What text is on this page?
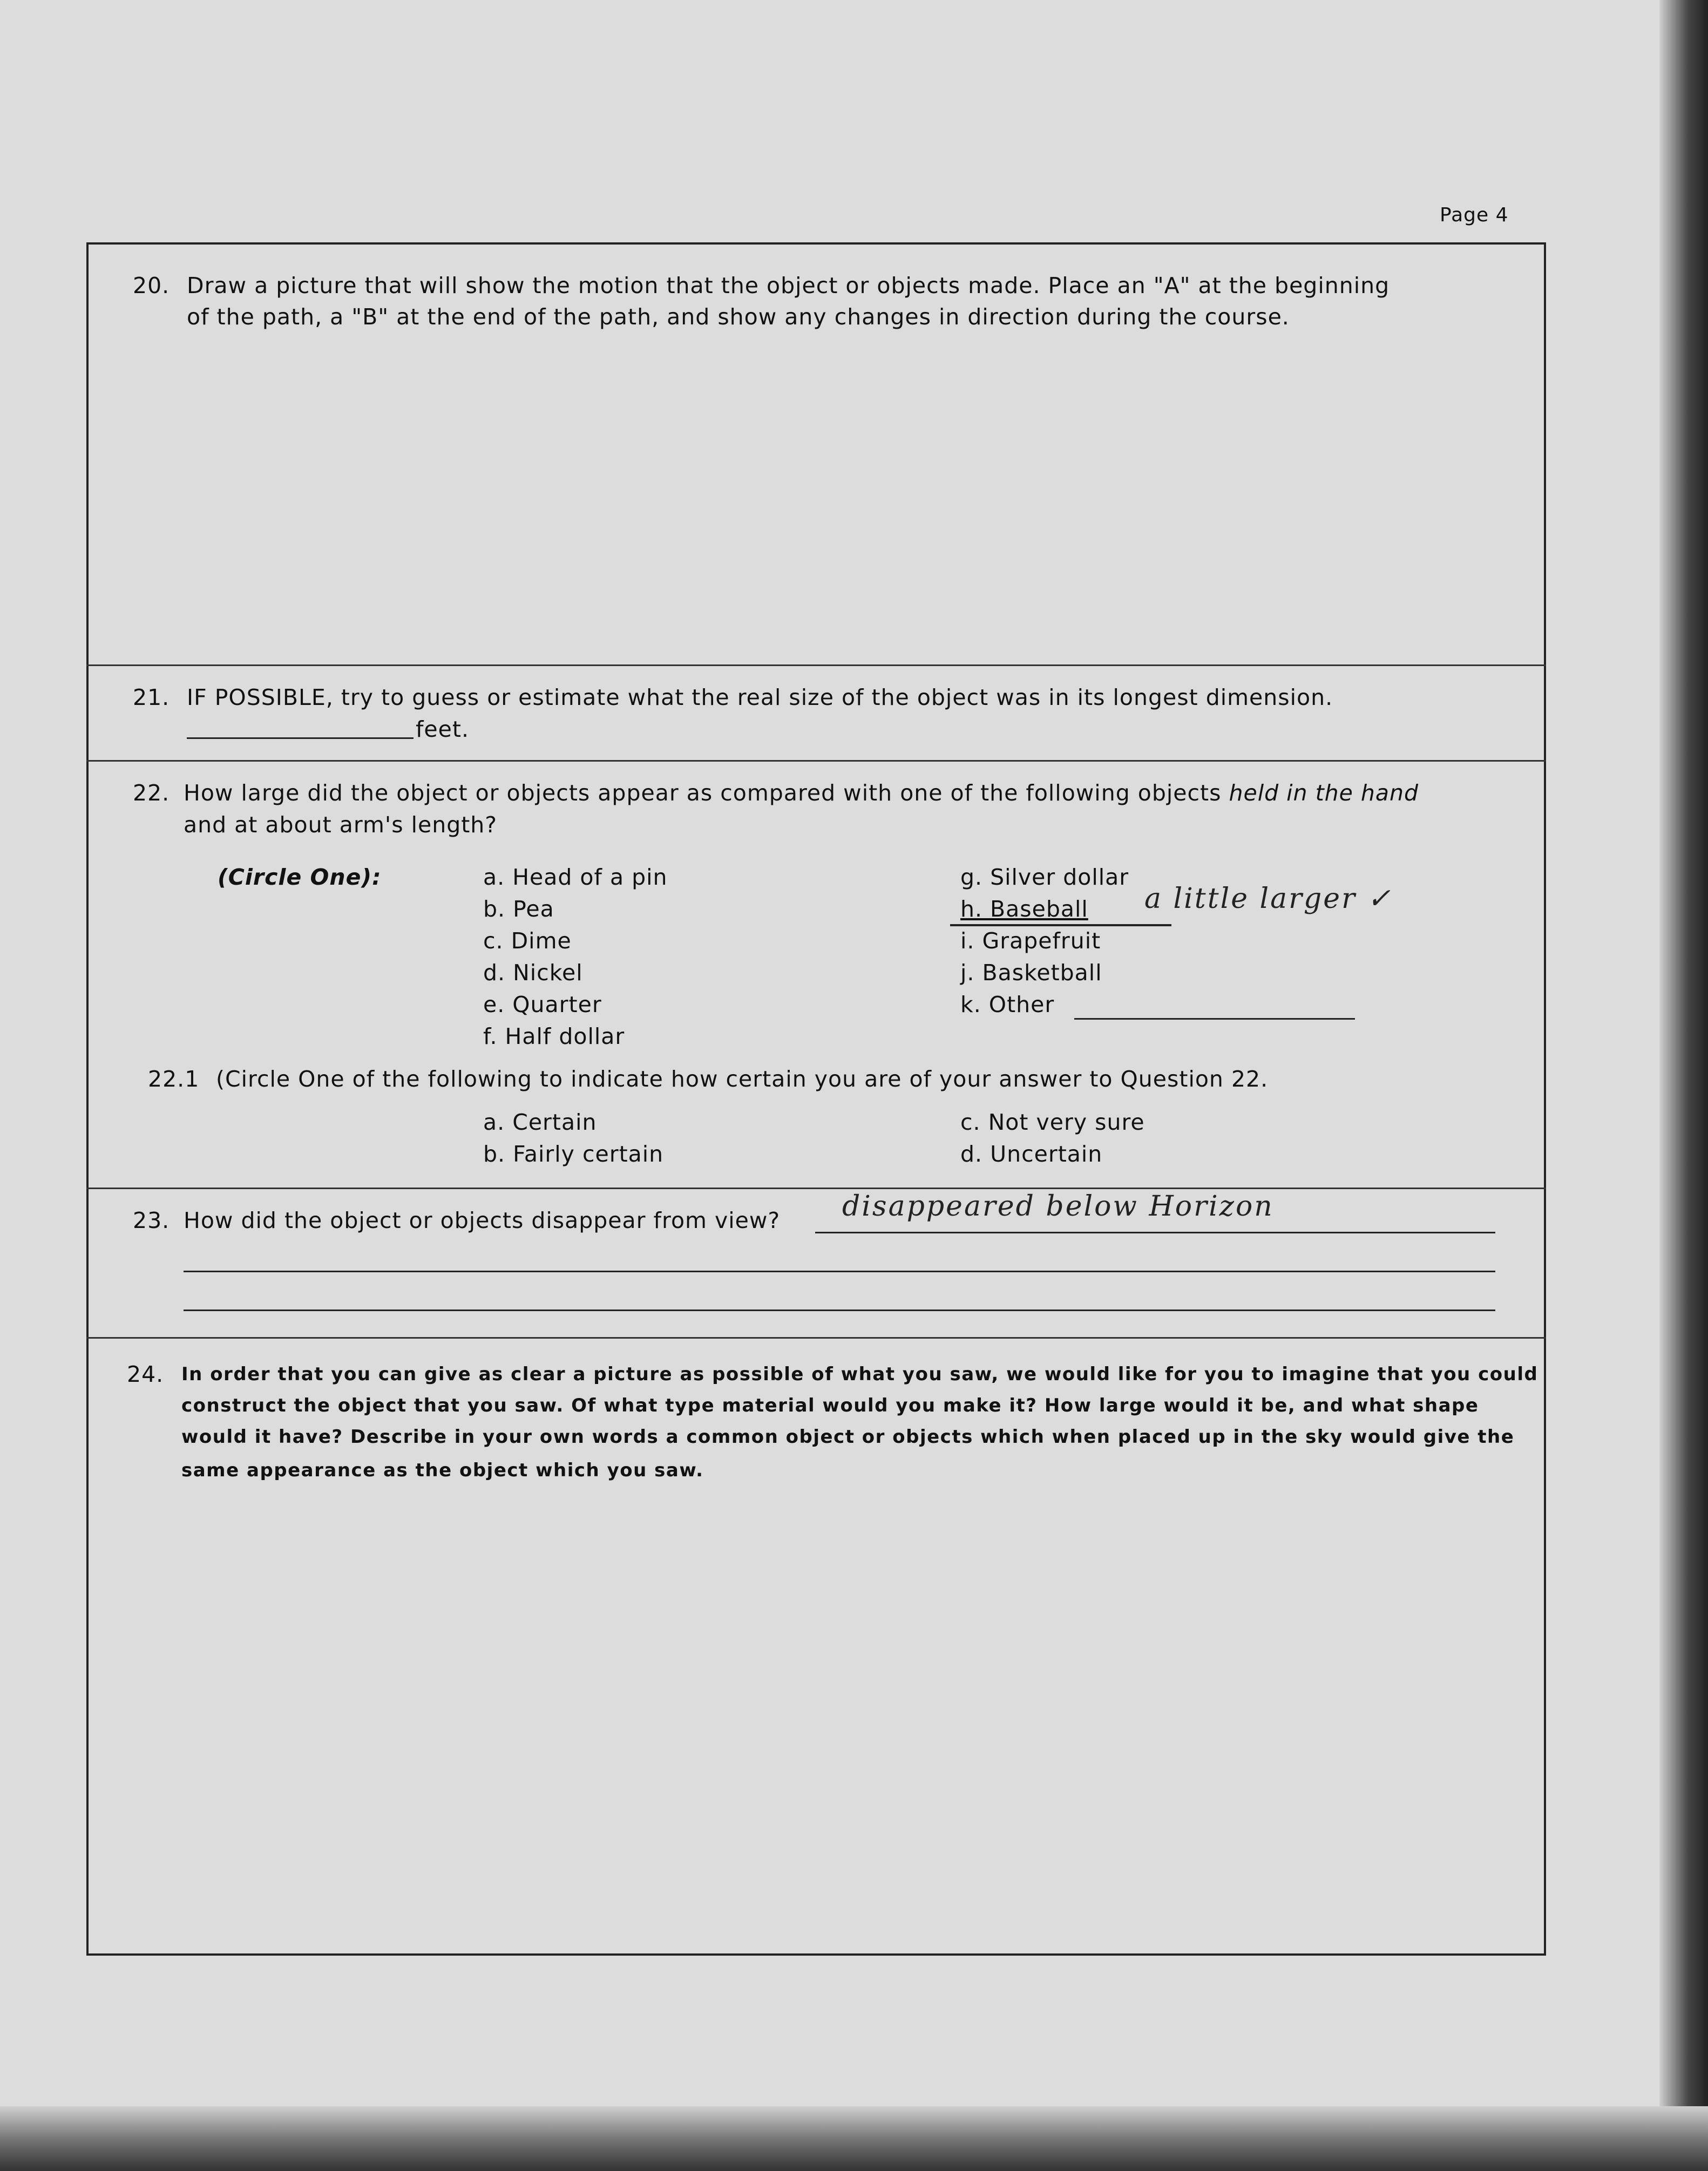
Page 4
20. Draw a picture that will show the motion that the object or objects made. Place an "A" at the beginning
of the path, a "B" at the end of the path, and show any changes in direction during the course.
21. IF POSSIBLE, try to guess or estimate what the real size of the object was in its longest dimension.
feet.
22. How large did the object or objects appear as compared with one of the following objects held in the hand
and at about arm's length?
(Circle One):	a. Head of a pin
b. Pea
c. Dime
d. Nickel
e. Quarter
f. Half dollar
g. Silver dollar
h. Baseball
i. Grapefruit
j. Basketball
k. Other
a little larger ✓
22.1 (Circle One of the following to indicate how certain you are of your answer to Question 22.
a. Certain
b. Fairly certain
c. Not very sure
d. Uncertain
23. How did the object or objects disappear from view? disappeared below Horizon
24. In order that you can give as clear a picture as possible of what you saw, we would like for you to imagine that you could
construct the object that you saw. Of what type material would you make it? How large would it be, and what shape
would it have? Describe in your own words a common object or objects which when placed up in the sky would give the
same appearance as the object which you saw.
